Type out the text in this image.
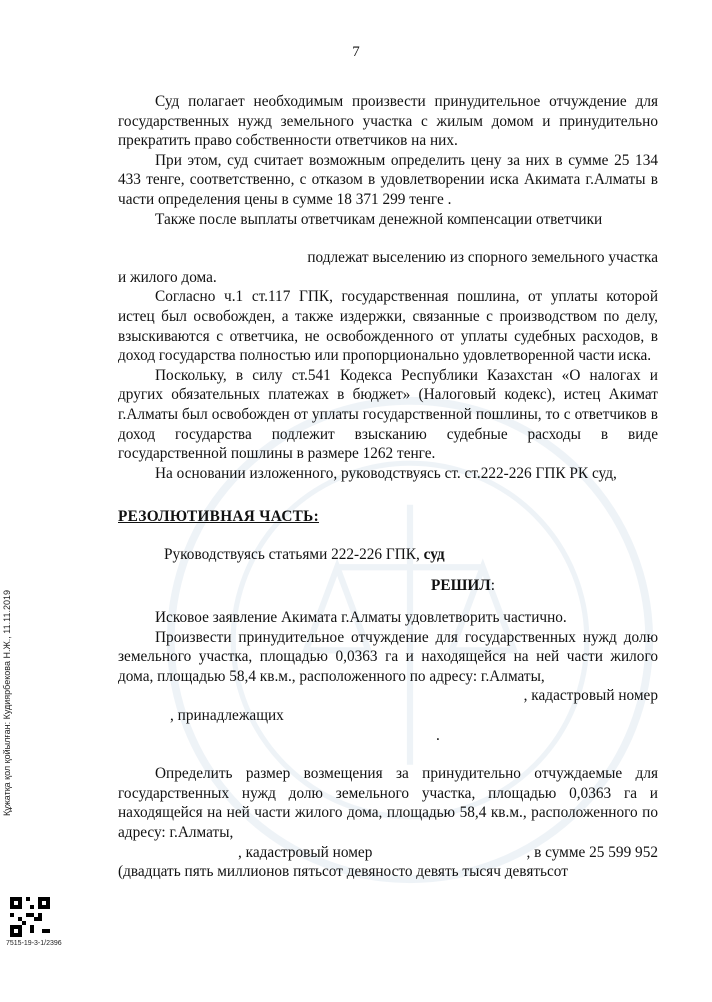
7

Суд полагает необходимым произвести принудительное отчуждение для государственных нужд земельного участка с жилым домом и принудительно прекратить право собственности ответчиков на них.

При этом, суд считает возможным определить цену за них в сумме 25 134 433 тенге, соответственно, с отказом в удовлетворении иска Акимата г.Алматы в части определения цены в сумме 18 371 299 тенге .

Также после выплаты ответчикам денежной компенсации ответчики

подлежат выселению из спорного земельного участка

и жилого дома.

Согласно ч.1 ст.117 ГПК, государственная пошлина, от уплаты которой истец был освобожден, а также издержки, связанные с производством по делу, взыскиваются с ответчика, не освобожденного от уплаты судебных расходов, в доход государства полностью или пропорционально удовлетворенной части иска.

Поскольку, в силу ст.541 Кодекса Республики Казахстан «О налогах и других обязательных платежах в бюджет» (Налоговый кодекс), истец Акимат г.Алматы был освобожден от уплаты государственной пошлины, то с ответчиков в доход государства подлежит взысканию судебные расходы в виде государственной пошлины в размере 1262 тенге.

На основании изложенного, руководствуясь ст. ст.222-226 ГПК РК суд,

РЕЗОЛЮТИВНАЯ ЧАСТЬ:
Руководствуясь статьями 222-226 ГПК, суд
РЕШИЛ:

Исковое заявление Акимата г.Алматы удовлетворить частично.

Произвести принудительное отчуждение для государственных нужд долю земельного участка, площадью 0,0363 га и находящейся на ней части жилого дома, площадью 58,4 кв.м., расположенного по адресу: г.Алматы,

, кадастровый номер

, принадлежащих

.

Определить размер возмещения за принудительно отчуждаемые для государственных нужд долю земельного участка, площадью 0,0363 га и находящейся на ней части жилого дома, площадью 58,4 кв.м., расположенного по адресу: г.Алматы,

, кадастровый номер	, в сумме 25 599 952

(двадцать пять миллионов пятьсот девяносто девять тысяч девятьсот

Құжатқа қол қойылған: Кудиярбекова Н.Ж., 11.11.2019
7515-19-3-1/2396
